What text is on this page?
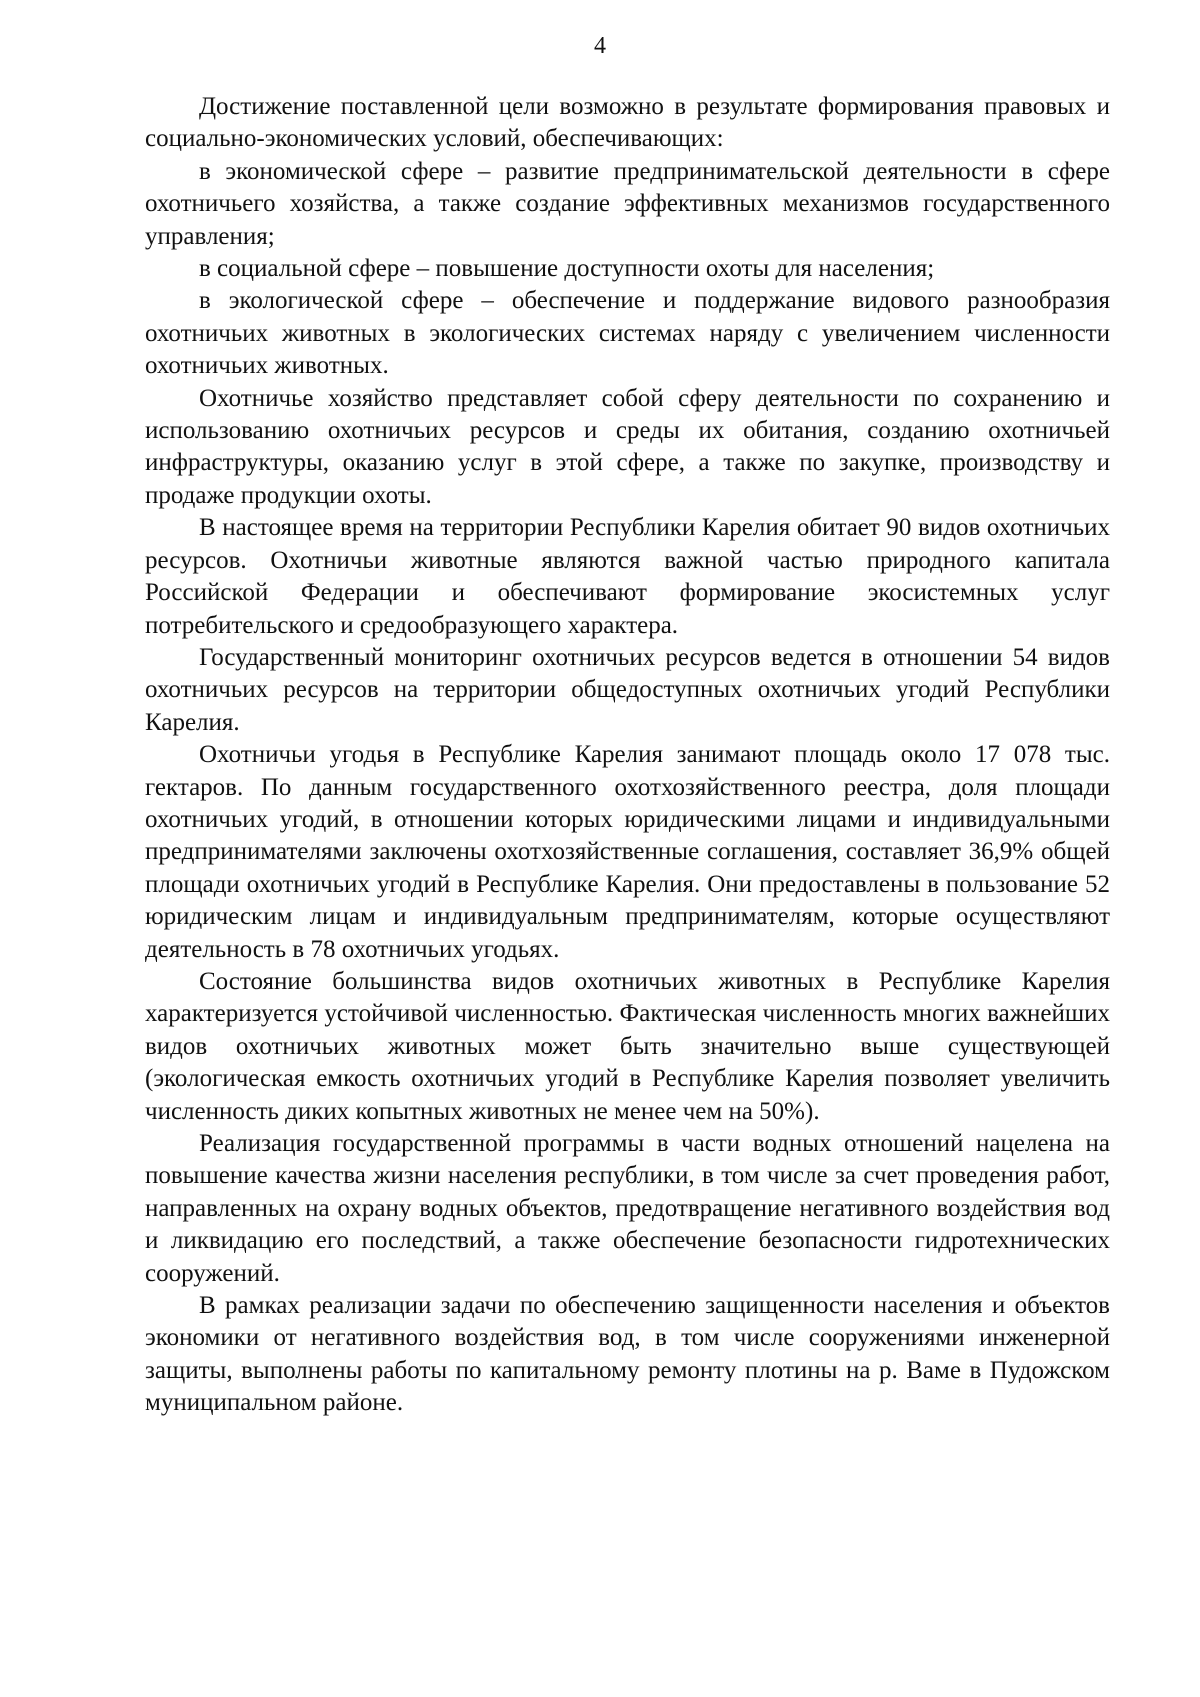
4

Достижение поставленной цели возможно в результате формирования правовых и социально-экономических условий, обеспечивающих:

в экономической сфере – развитие предпринимательской деятельности в сфере охотничьего хозяйства, а также создание эффективных механизмов государственного управления;

в социальной сфере – повышение доступности охоты для населения;

в экологической сфере – обеспечение и поддержание видового разнообразия охотничьих животных в экологических системах наряду с увеличением численности охотничьих животных.

Охотничье хозяйство представляет собой сферу деятельности по сохранению и использованию охотничьих ресурсов и среды их обитания, созданию охотничьей инфраструктуры, оказанию услуг в этой сфере, а также по закупке, производству и продаже продукции охоты.

В настоящее время на территории Республики Карелия обитает 90 видов охотничьих ресурсов. Охотничьи животные являются важной частью природного капитала Российской Федерации и обеспечивают формирование экосистемных услуг потребительского и средообразующего характера.

Государственный мониторинг охотничьих ресурсов ведется в отношении 54 видов охотничьих ресурсов на территории общедоступных охотничьих угодий Республики Карелия.

Охотничьи угодья в Республике Карелия занимают площадь около 17 078 тыс. гектаров. По данным государственного охотхозяйственного реестра, доля площади охотничьих угодий, в отношении которых юридическими лицами и индивидуальными предпринимателями заключены охотхозяйственные соглашения, составляет 36,9% общей площади охотничьих угодий в Республике Карелия. Они предоставлены в пользование 52 юридическим лицам и индивидуальным предпринимателям, которые осуществляют деятельность в 78 охотничьих угодьях.

Состояние большинства видов охотничьих животных в Республике Карелия характеризуется устойчивой численностью. Фактическая численность многих важнейших видов охотничьих животных может быть значительно выше существующей (экологическая емкость охотничьих угодий в Республике Карелия позволяет увеличить численность диких копытных животных не менее чем на 50%).

Реализация государственной программы в части водных отношений нацелена на повышение качества жизни населения республики, в том числе за счет проведения работ, направленных на охрану водных объектов, предотвращение негативного воздействия вод и ликвидацию его последствий, а также обеспечение безопасности гидротехнических сооружений.

В рамках реализации задачи по обеспечению защищенности населения и объектов экономики от негативного воздействия вод, в том числе сооружениями инженерной защиты, выполнены работы по капитальному ремонту плотины на р. Ваме в Пудожском муниципальном районе.
